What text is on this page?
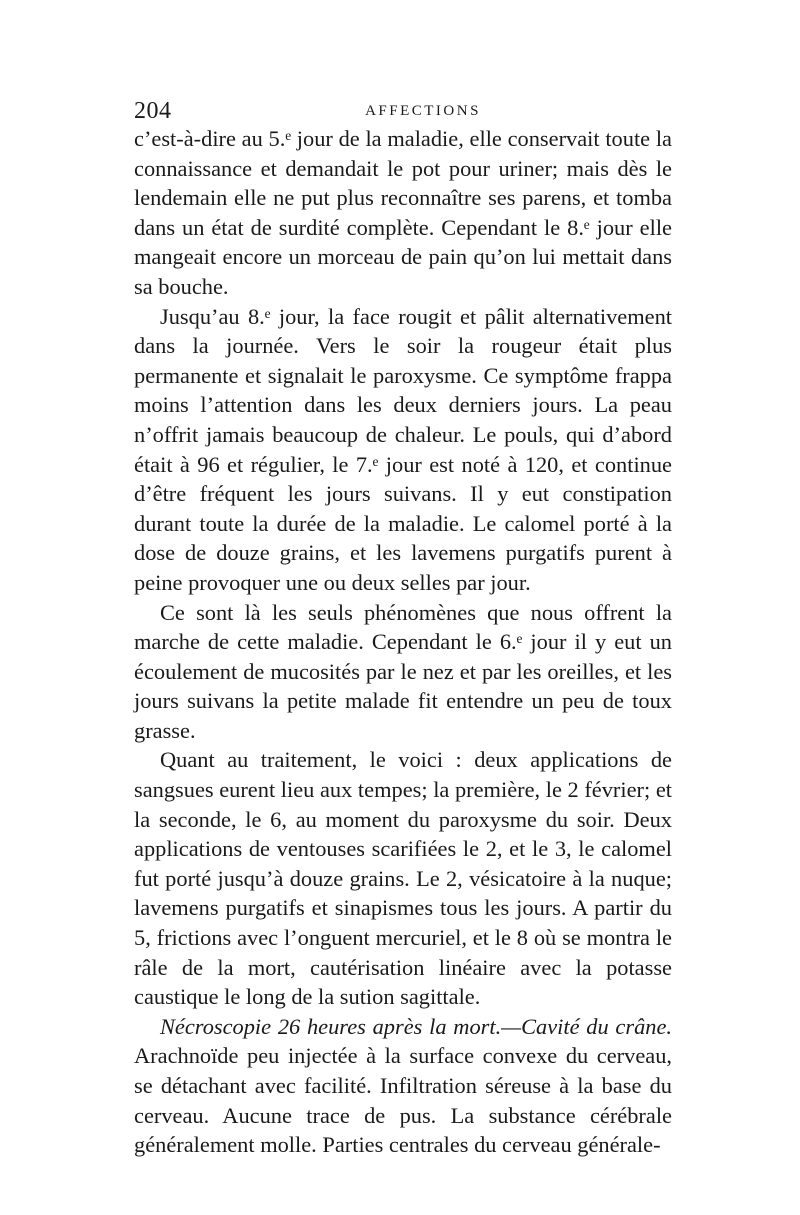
204	AFFECTIONS

c’est-à-dire au 5.ᵉ jour de la maladie, elle conservait toute la connaissance et demandait le pot pour uriner; mais dès le lendemain elle ne put plus reconnaître ses parens, et tomba dans un état de surdité complète. Cependant le 8.ᵉ jour elle mangeait encore un morceau de pain qu’on lui mettait dans sa bouche.

Jusqu’au 8.ᵉ jour, la face rougit et pâlit alternativement dans la journée. Vers le soir la rougeur était plus permanente et signalait le paroxysme. Ce symptôme frappa moins l’attention dans les deux derniers jours. La peau n’offrit jamais beaucoup de chaleur. Le pouls, qui d’abord était à 96 et régulier, le 7.ᵉ jour est noté à 120, et continue d’être fréquent les jours suivans. Il y eut constipation durant toute la durée de la maladie. Le calomel porté à la dose de douze grains, et les lavemens purgatifs purent à peine provoquer une ou deux selles par jour.

Ce sont là les seuls phénomènes que nous offrent la marche de cette maladie. Cependant le 6.ᵉ jour il y eut un écoulement de mucosités par le nez et par les oreilles, et les jours suivans la petite malade fit entendre un peu de toux grasse.

Quant au traitement, le voici : deux applications de sangsues eurent lieu aux tempes; la première, le 2 février; et la seconde, le 6, au moment du paroxysme du soir. Deux applications de ventouses scarifiées le 2, et le 3, le calomel fut porté jusqu’à douze grains. Le 2, vésicatoire à la nuque; lavemens purgatifs et sinapismes tous les jours. A partir du 5, frictions avec l’onguent mercuriel, et le 8 où se montra le râle de la mort, cautérisation linéaire avec la potasse caustique le long de la sution sagittale.

Nécroscopie 26 heures après la mort.—Cavité du crâne. Arachnoïde peu injectée à la surface convexe du cerveau, se détachant avec facilité. Infiltration séreuse à la base du cerveau. Aucune trace de pus. La substance cérébrale généralement molle. Parties centrales du cerveau générale-
